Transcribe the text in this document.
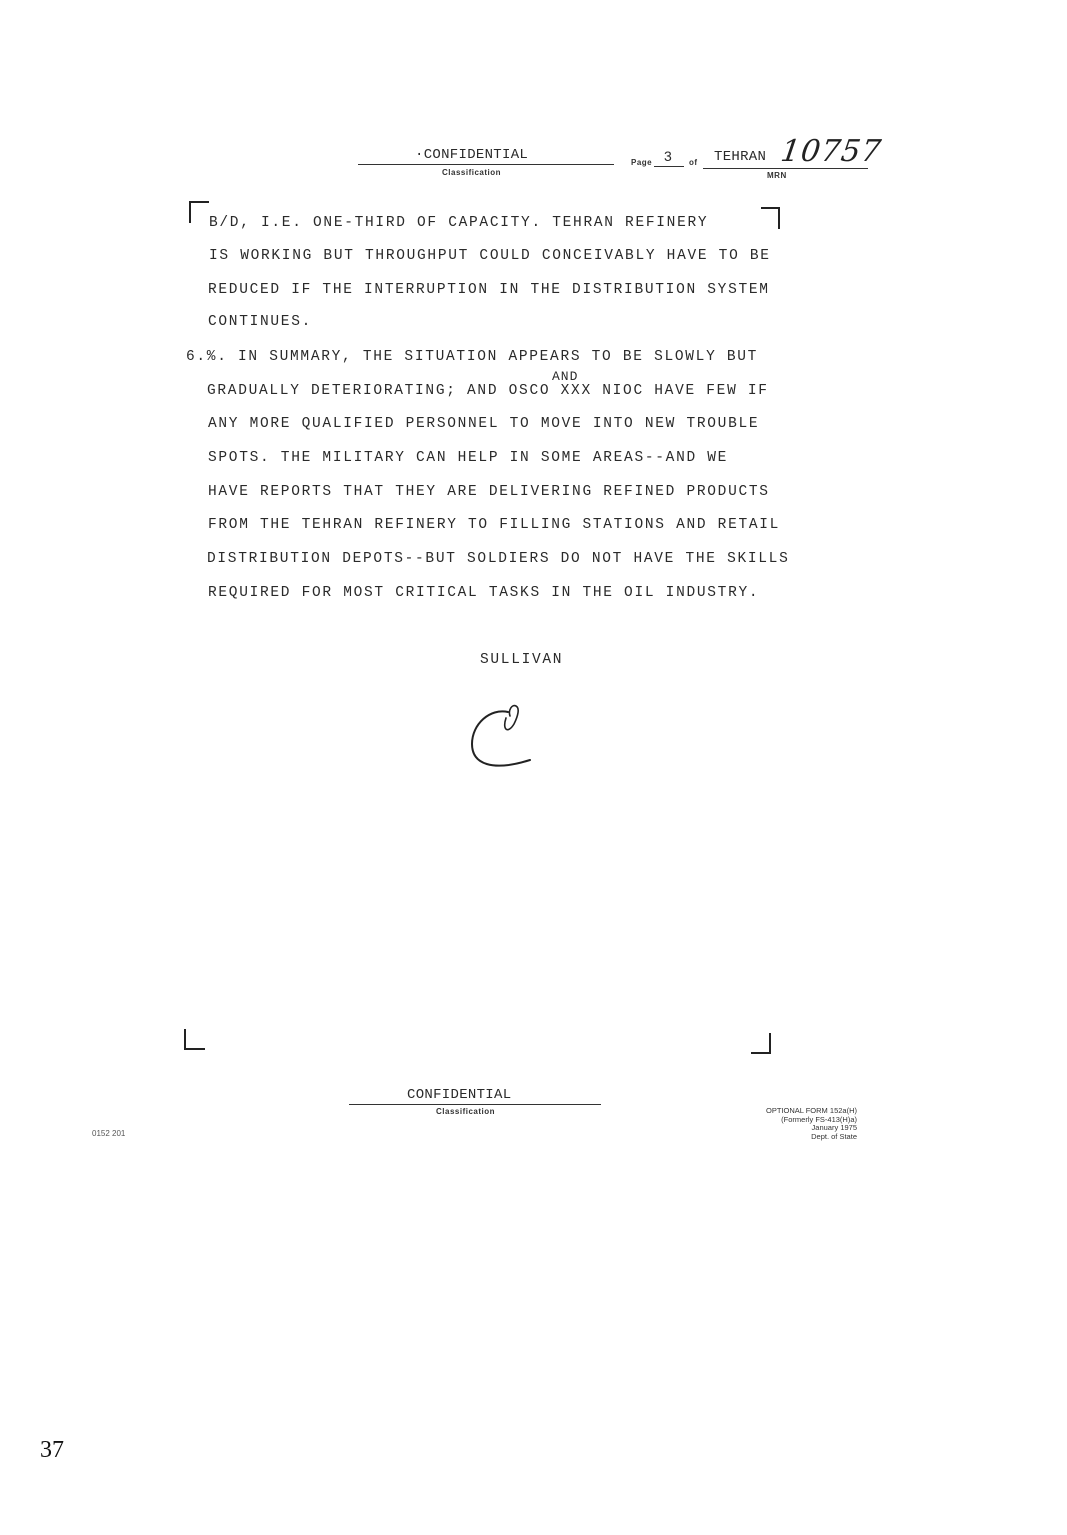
·CONFIDENTIAL
Classification
Page 3 of TEHRAN 10757
MRN
B/D, I.E. ONE-THIRD OF CAPACITY. TEHRAN REFINERY
IS WORKING BUT THROUGHPUT COULD CONCEIVABLY HAVE TO BE
REDUCED IF THE INTERRUPTION IN THE DISTRIBUTION SYSTEM
CONTINUES.
6.%. IN SUMMARY, THE SITUATION APPEARS TO BE SLOWLY BUT
AND
GRADUALLY DETERIORATING; AND OSCO XXX NIOC HAVE FEW IF
ANY MORE QUALIFIED PERSONNEL TO MOVE INTO NEW TROUBLE
SPOTS. THE MILITARY CAN HELP IN SOME AREAS--AND WE
HAVE REPORTS THAT THEY ARE DELIVERING REFINED PRODUCTS
FROM THE TEHRAN REFINERY TO FILLING STATIONS AND RETAIL
DISTRIBUTION DEPOTS--BUT SOLDIERS DO NOT HAVE THE SKILLS
REQUIRED FOR MOST CRITICAL TASKS IN THE OIL INDUSTRY.
SULLIVAN
CONFIDENTIAL
Classification
0152 201
OPTIONAL FORM 152a(H)
(Formerly FS-413(H)a)
January 1975
Dept. of State
37
